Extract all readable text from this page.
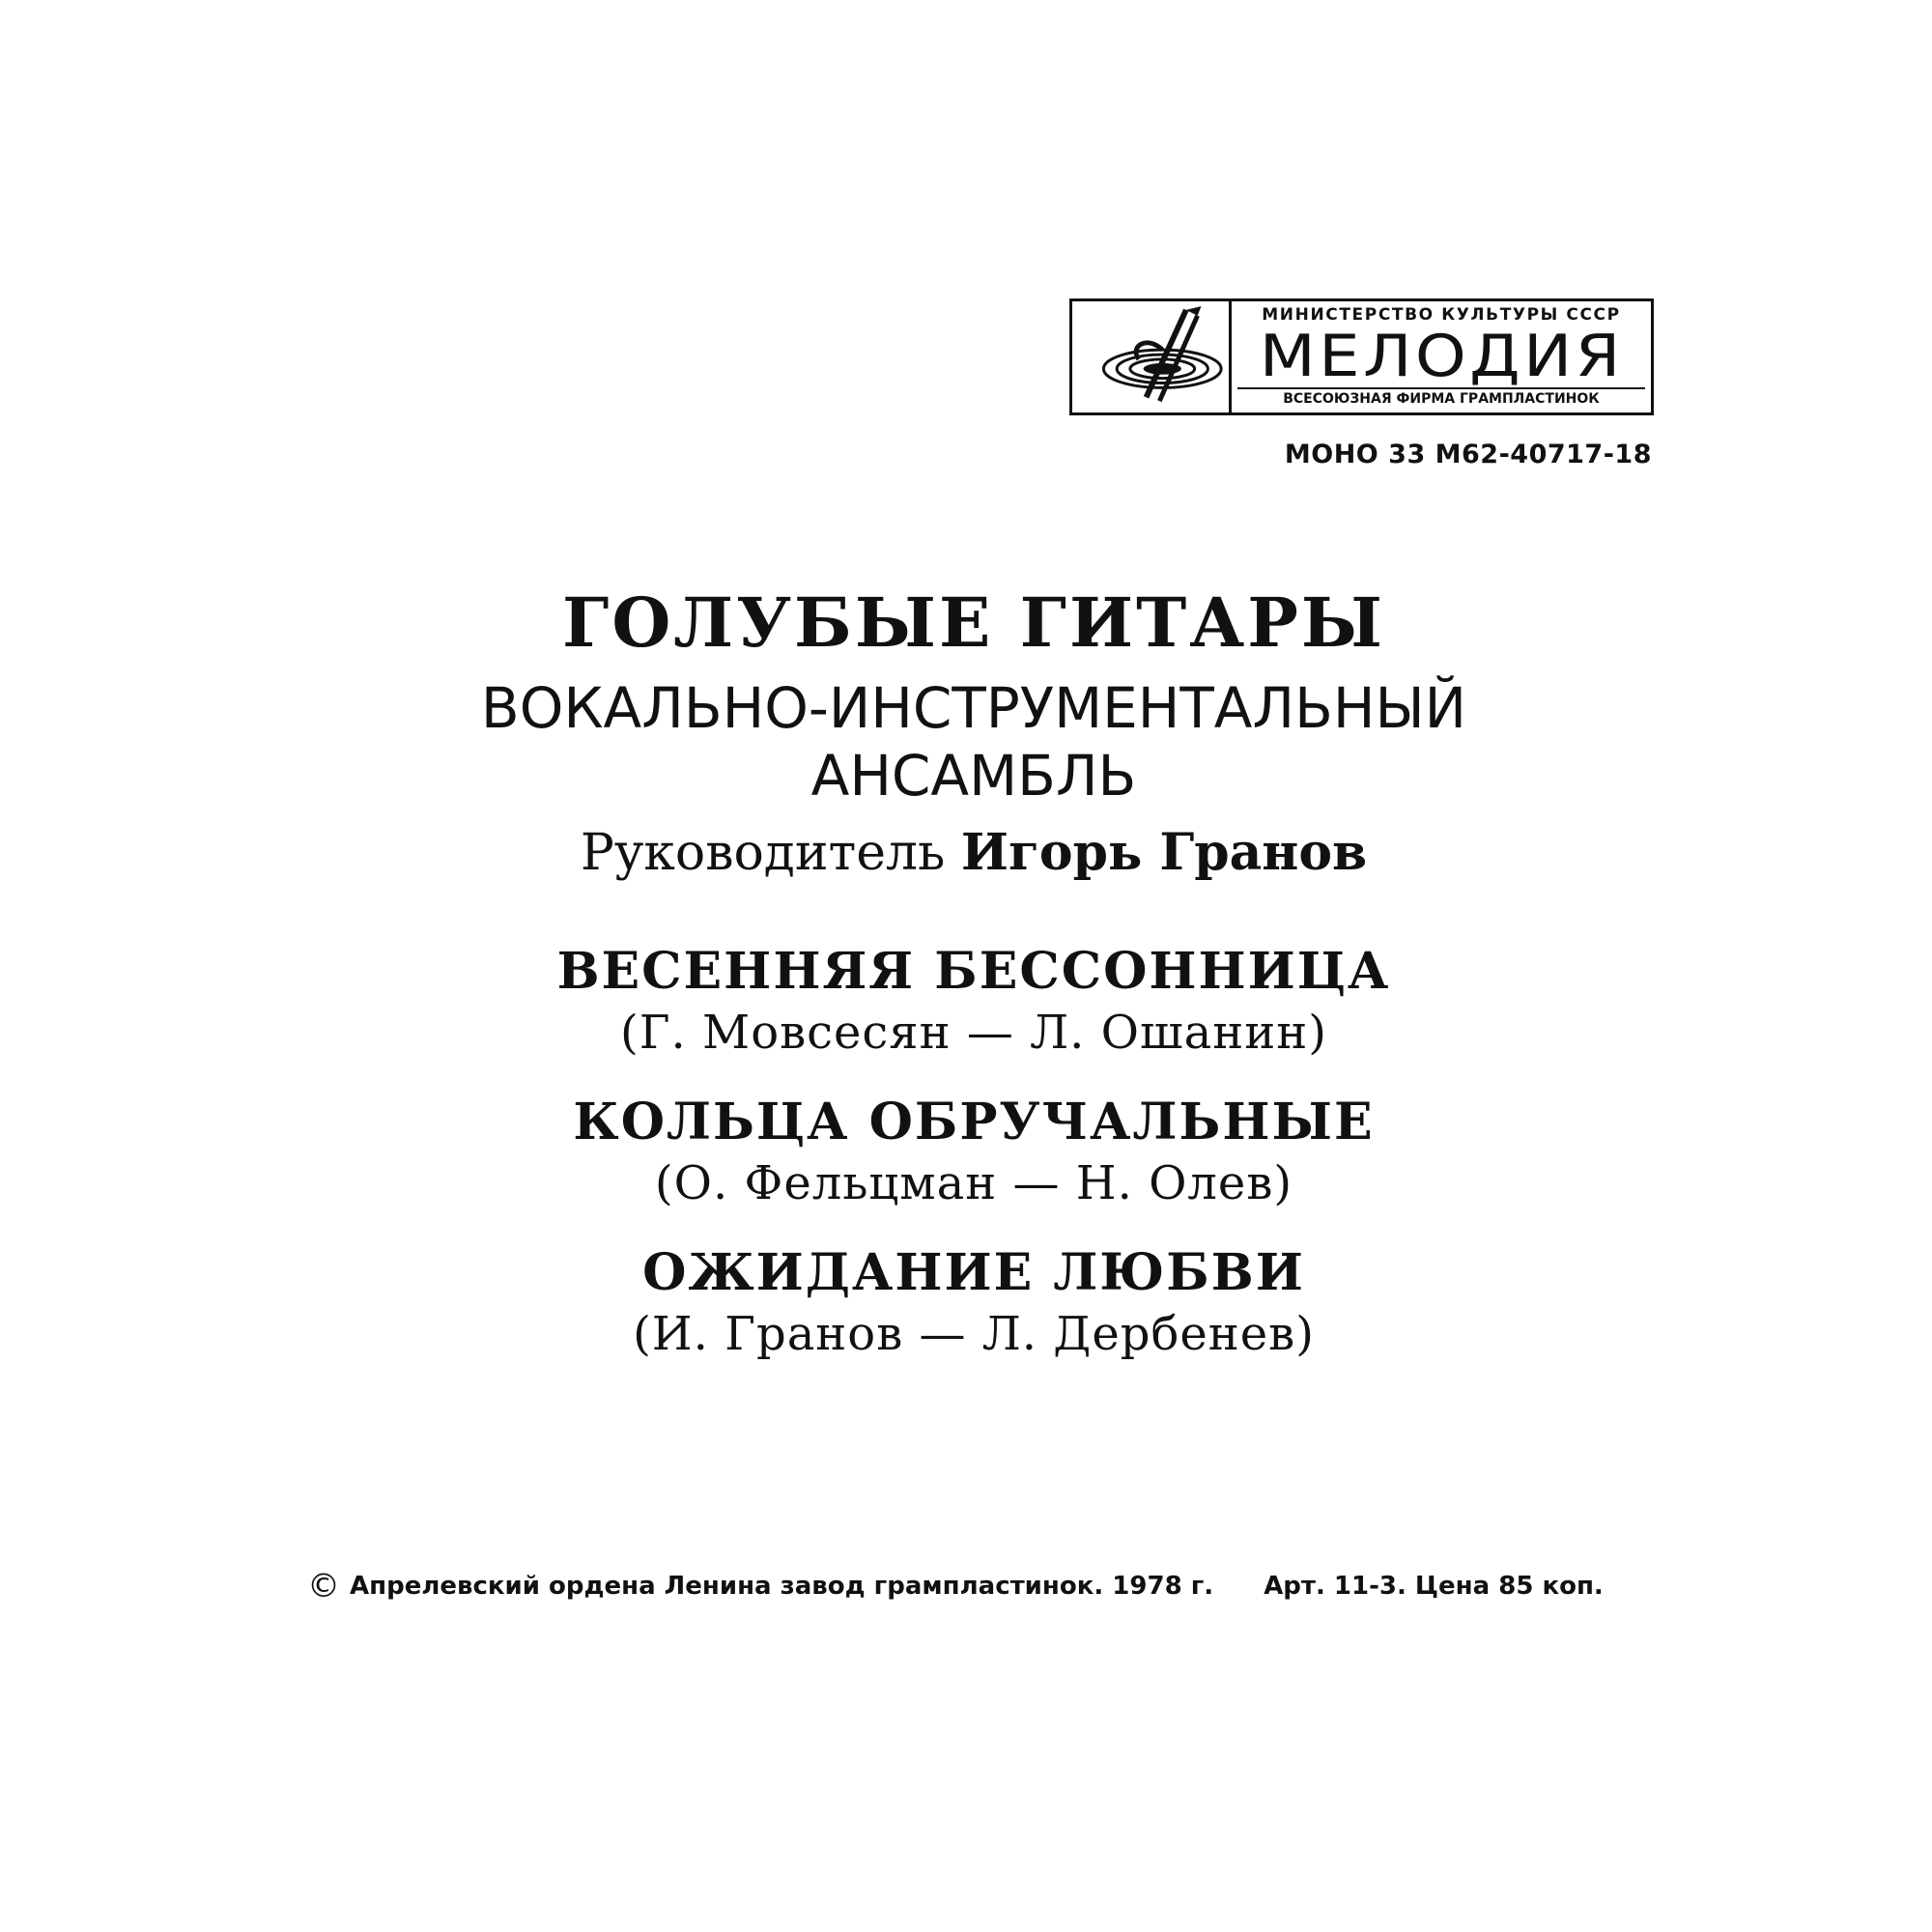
МИНИСТЕРСТВО КУЛЬТУРЫ СССР
МЕЛОДИЯ
ВСЕСОЮЗНАЯ ФИРМА ГРАМПЛАСТИНОК
МОНО 33 М62-40717-18
ГОЛУБЫЕ ГИТАРЫ
ВОКАЛЬНО-ИНСТРУМЕНТАЛЬНЫЙ
АНСАМБЛЬ
Руководитель Игорь Гранов
ВЕСЕННЯЯ БЕССОННИЦА
(Г. Мовсесян — Л. Ошанин)
КОЛЬЦА ОБРУЧАЛЬНЫЕ
(О. Фельцман — Н. Олев)
ОЖИДАНИЕ ЛЮБВИ
(И. Гранов — Л. Дербенев)
© Апрелевский ордена Ленина завод грампластинок. 1978 г. Арт. 11-3. Цена 85 коп.
